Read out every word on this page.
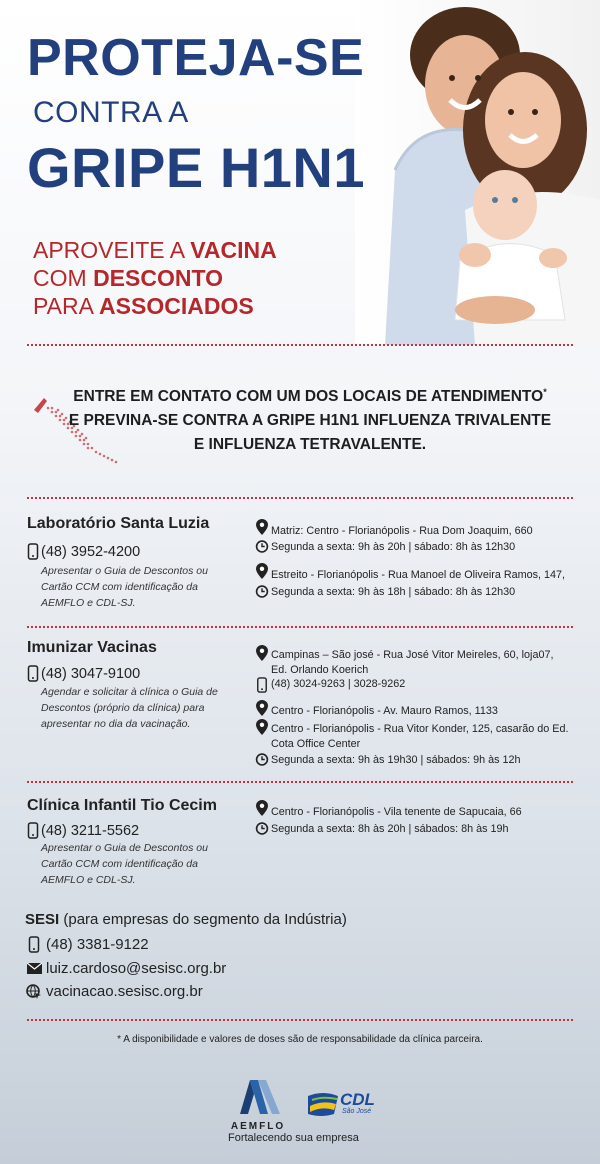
PROTEJA-SE
CONTRA A
GRIPE H1N1
APROVEITE A VACINA
COM DESCONTO
PARA ASSOCIADOS

ENTRE EM CONTATO COM UM DOS LOCAIS DE ATENDIMENTO*

E PREVINA-SE CONTRA A GRIPE H1N1 INFLUENZA TRIVALENTE

E INFLUENZA TETRAVALENTE.

Laboratório Santa Luzia
(48) 3952-4200
Apresentar o Guia de Descontos ou Cartão CCM com identificação da AEMFLO e CDL-SJ.
Matriz: Centro - Florianópolis - Rua Dom Joaquim, 660
Segunda a sexta: 9h às 20h | sábado: 8h às 12h30
Estreito - Florianópolis - Rua Manoel de Oliveira Ramos, 147,
Segunda a sexta: 9h às 18h | sábado: 8h às 12h30
Imunizar Vacinas
(48) 3047-9100
Agendar e solicitar à clínica o Guia de Descontos (próprio da clínica) para apresentar no dia da vacinação.
Campinas – São josé - Rua José Vitor Meireles, 60, loja07, Ed. Orlando Koerich
(48) 3024-9263 | 3028-9262
Centro - Florianópolis - Av. Mauro Ramos, 1133
Centro - Florianópolis - Rua Vitor Konder, 125, casarão do Ed. Cota Office Center
Segunda a sexta: 9h às 19h30 | sábados: 9h às 12h
Clínica Infantil Tio Cecim
(48) 3211-5562
Apresentar o Guia de Descontos ou Cartão CCM com identificação da AEMFLO e CDL-SJ.
Centro - Florianópolis - Vila tenente de Sapucaia, 66
Segunda a sexta: 8h às 20h | sábados: 8h às 19h
SESI (para empresas do segmento da Indústria)
(48) 3381-9122
luiz.cardoso@sesisc.org.br
vacinacao.sesisc.org.br
* A disponibilidade e valores de doses são de responsabilidade da clínica parceira.
AEMFLO
CDL
São José
Fortalecendo sua empresa
